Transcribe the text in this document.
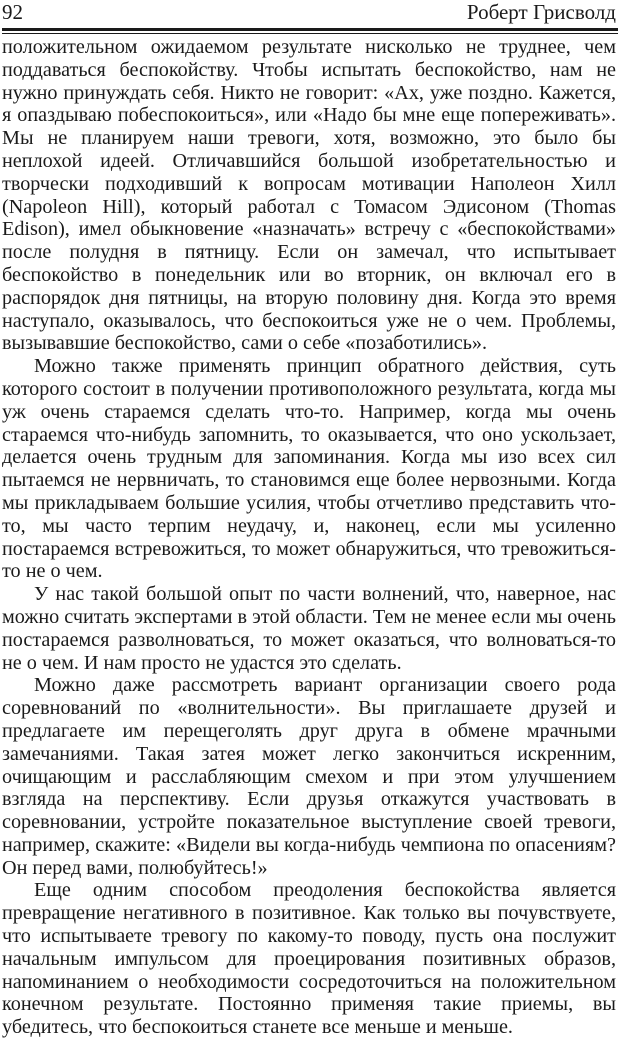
92	Роберт Грисволд

положительном ожидаемом результате нисколько не труднее, чем поддаваться беспокойству. Чтобы испытать беспокойство, нам не нужно принуждать себя. Никто не говорит: «Ах, уже поздно. Кажется, я опаздываю побеспокоиться», или «Надо бы мне еще попереживать». Мы не планируем наши тревоги, хотя, возможно, это было бы неплохой идеей. Отличавшийся большой изобретательностью и творчески подходивший к вопросам мотивации Наполеон Хилл (Napoleon Hill), который работал с Томасом Эдисоном (Thomas Edison), имел обыкновение «назначать» встречу с «беспокойствами» после полудня в пятницу. Если он замечал, что испытывает беспокойство в понедельник или во вторник, он включал его в распорядок дня пятницы, на вторую половину дня. Когда это время наступало, оказывалось, что беспокоиться уже не о чем. Проблемы, вызывавшие беспокойство, сами о себе «позаботились».

Можно также применять принцип обратного действия, суть которого состоит в получении противоположного результата, когда мы уж очень стараемся сделать что-то. Например, когда мы очень стараемся что-нибудь запомнить, то оказывается, что оно ускользает, делается очень трудным для запоминания. Когда мы изо всех сил пытаемся не нервничать, то становимся еще более нервозными. Когда мы прикладываем большие усилия, чтобы отчетливо представить что-то, мы часто терпим неудачу, и, наконец, если мы усиленно постараемся встревожиться, то может обнаружиться, что тревожиться-то не о чем.

У нас такой большой опыт по части волнений, что, наверное, нас можно считать экспертами в этой области. Тем не менее если мы очень постараемся разволноваться, то может оказаться, что волноваться-то не о чем. И нам просто не удастся это сделать.

Можно даже рассмотреть вариант организации своего рода соревнований по «волнительности». Вы приглашаете друзей и предлагаете им перещеголять друг друга в обмене мрачными замечаниями. Такая затея может легко закончиться искренним, очищающим и расслабляющим смехом и при этом улучшением взгляда на перспективу. Если друзья откажутся участвовать в соревновании, устройте показательное выступление своей тревоги, например, скажите: «Видели вы когда-нибудь чемпиона по опасениям? Он перед вами, полюбуйтесь!»

Еще одним способом преодоления беспокойства является превращение негативного в позитивное. Как только вы почувствуете, что испытываете тревогу по какому-то поводу, пусть она послужит начальным импульсом для проецирования позитивных образов, напоминанием о необходимости сосредоточиться на положительном конечном результате. Постоянно применяя такие приемы, вы убедитесь, что беспокоиться станете все меньше и меньше.
